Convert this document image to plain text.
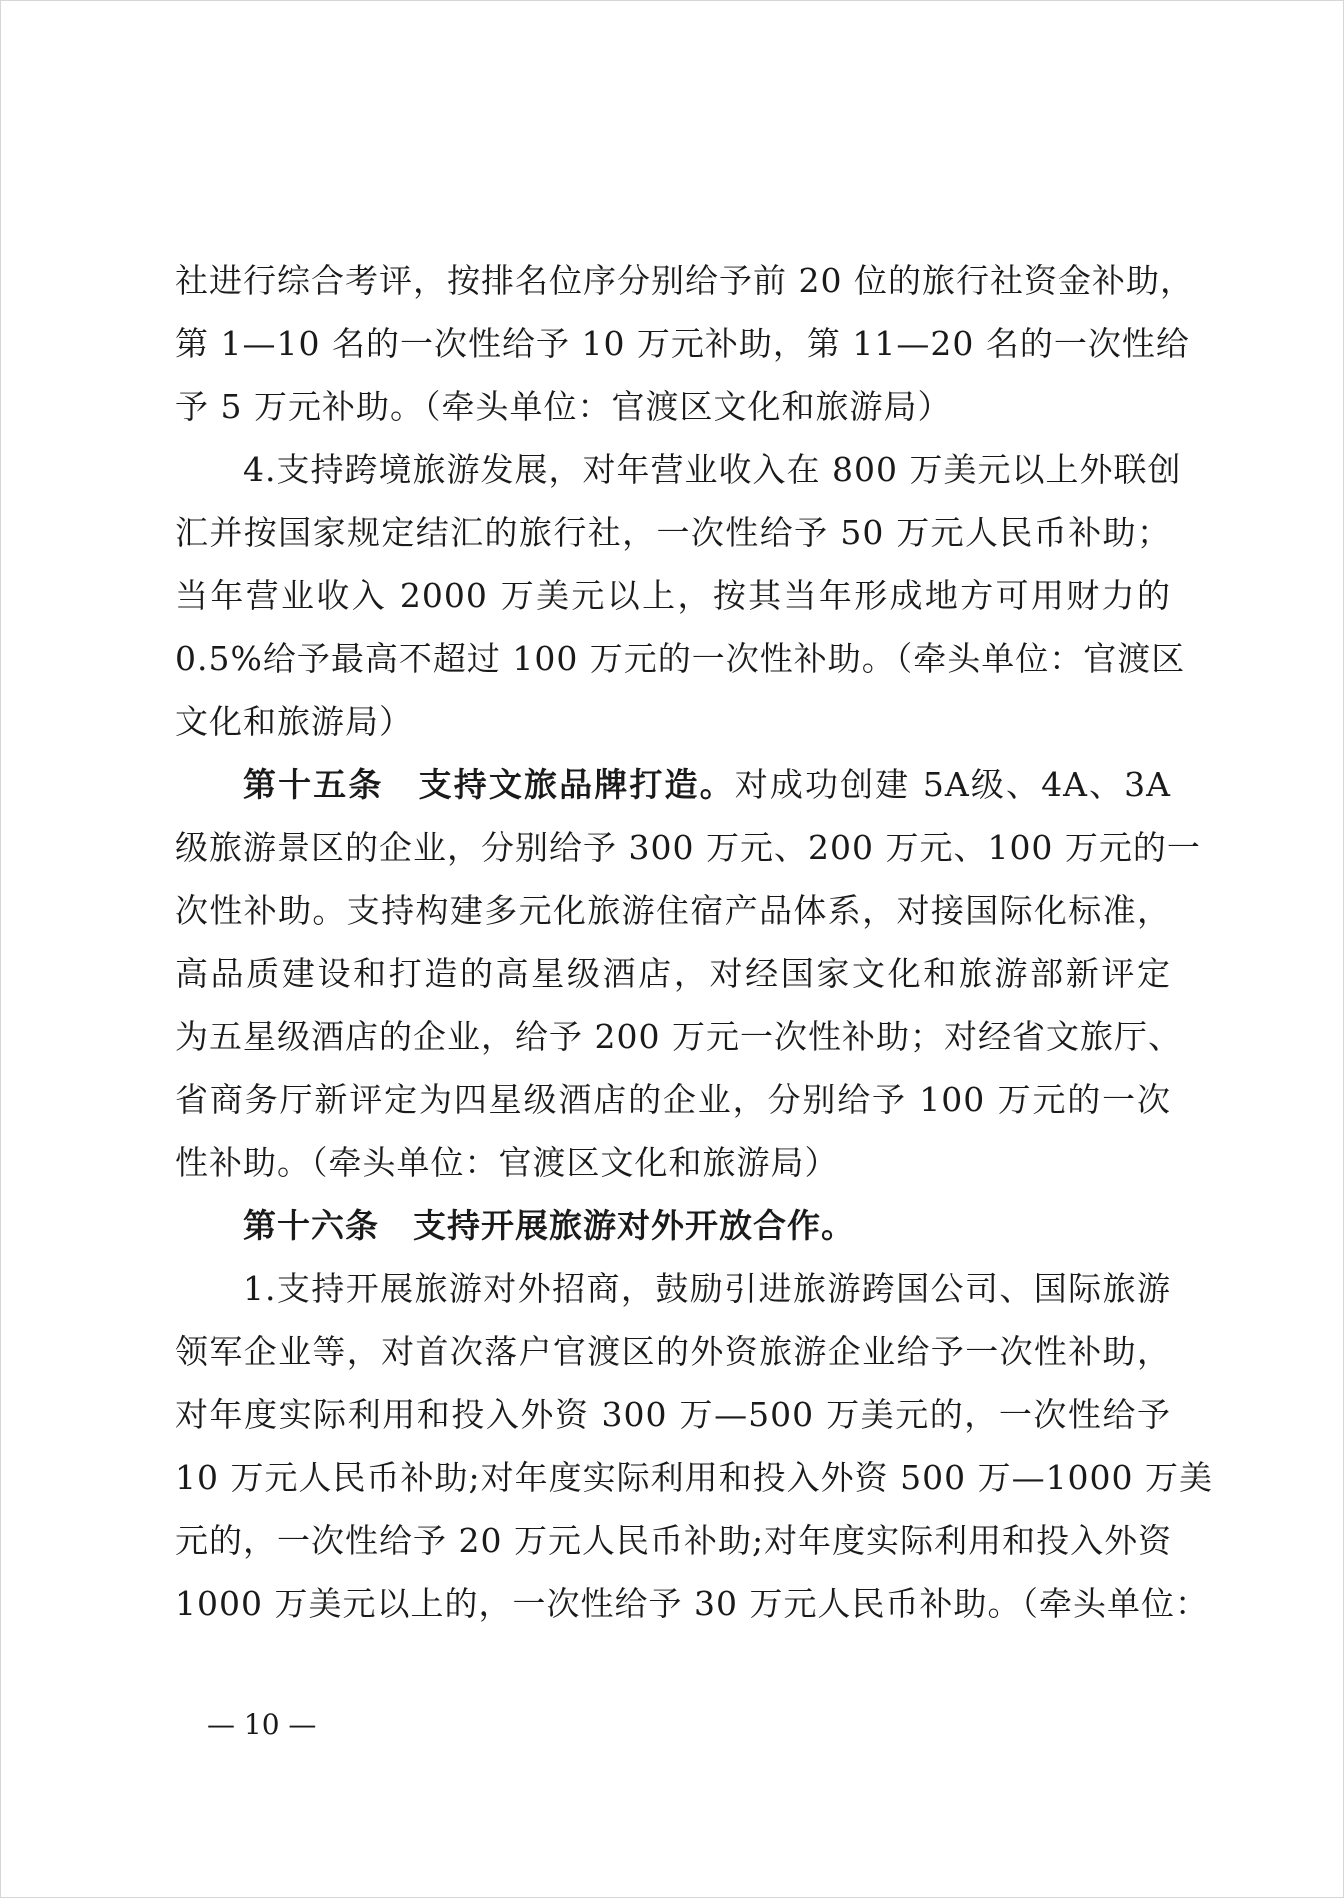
社进行综合考评，按排名位序分别给予前 20 位的旅行社资金补助，
第 1—10 名的一次性给予 10 万元补助，第 11—20 名的一次性给
予 5 万元补助。（牵头单位：官渡区文化和旅游局）
4.支持跨境旅游发展，对年营业收入在 800 万美元以上外联创
汇并按国家规定结汇的旅行社，一次性给予 50 万元人民币补助；
当年营业收入 2000 万美元以上，按其当年形成地方可用财力的
0.5%给予最高不超过 100 万元的一次性补助。（牵头单位：官渡区
文化和旅游局）
第十五条 支持文旅品牌打造。对成功创建 5A级、4A、3A
级旅游景区的企业，分别给予 300 万元、200 万元、100 万元的一
次性补助。支持构建多元化旅游住宿产品体系，对接国际化标准，
高品质建设和打造的高星级酒店，对经国家文化和旅游部新评定
为五星级酒店的企业，给予 200 万元一次性补助；对经省文旅厅、
省商务厅新评定为四星级酒店的企业，分别给予 100 万元的一次
性补助。（牵头单位：官渡区文化和旅游局）
第十六条 支持开展旅游对外开放合作。
1.支持开展旅游对外招商，鼓励引进旅游跨国公司、国际旅游
领军企业等，对首次落户官渡区的外资旅游企业给予一次性补助，
对年度实际利用和投入外资 300 万—500 万美元的，一次性给予
10 万元人民币补助;对年度实际利用和投入外资 500 万—1000 万美
元的，一次性给予 20 万元人民币补助;对年度实际利用和投入外资
1000 万美元以上的，一次性给予 30 万元人民币补助。（牵头单位：
— 10 —
